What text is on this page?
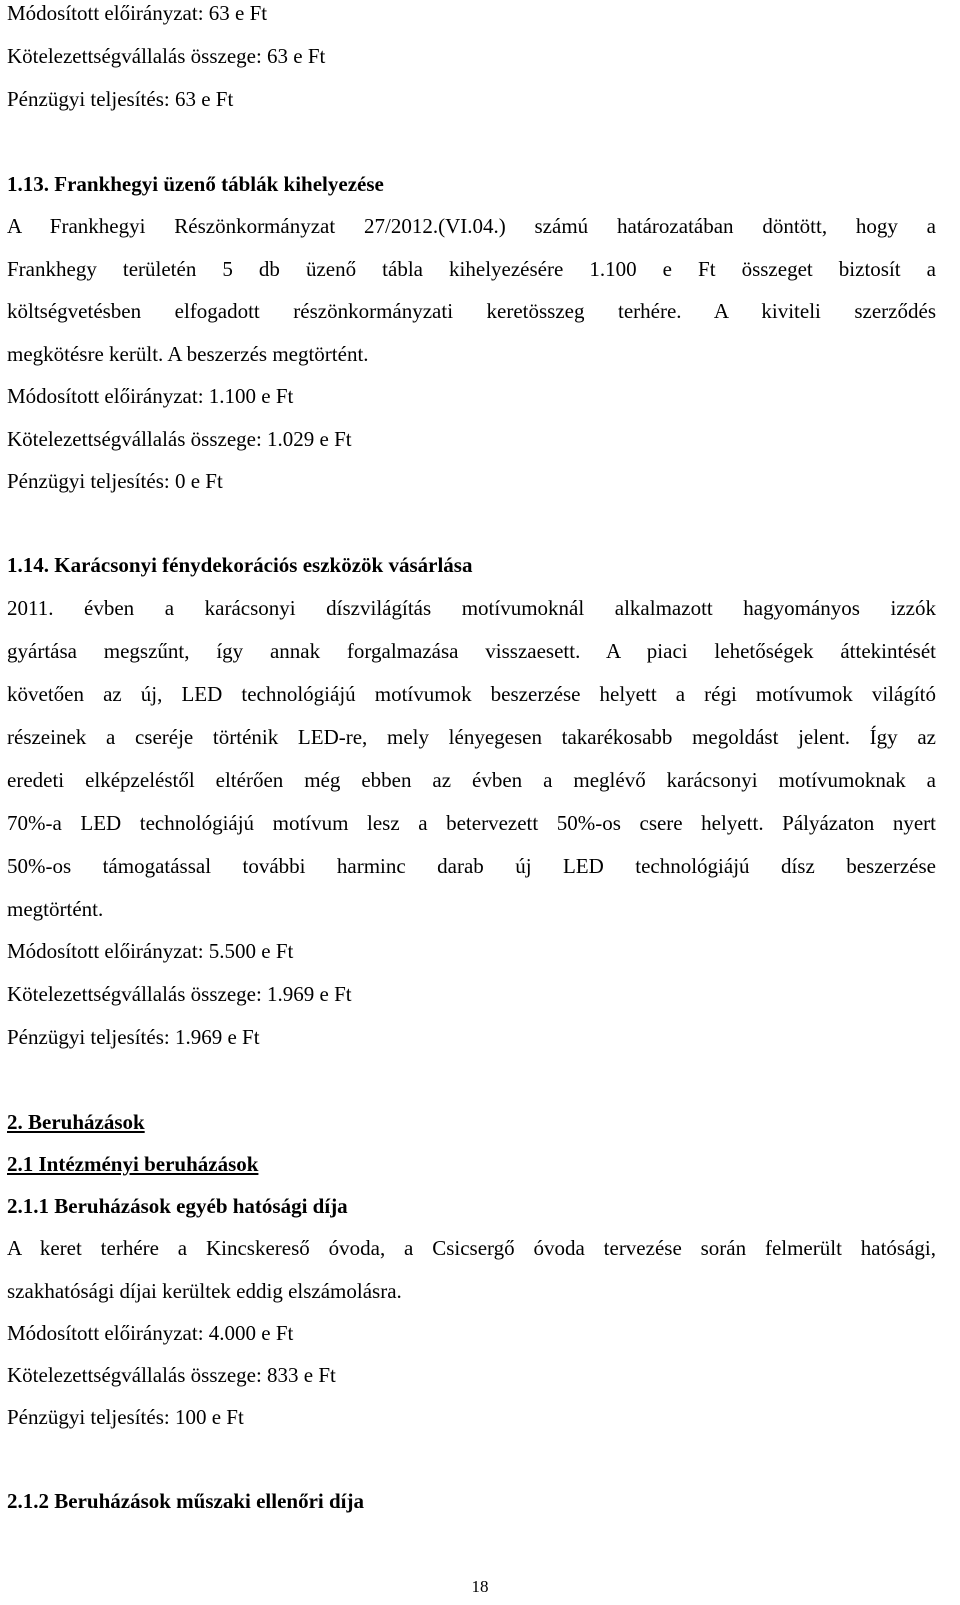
Módosított előirányzat: 63 e Ft
Kötelezettségvállalás összege: 63 e Ft
Pénzügyi teljesítés: 63 e Ft
1.13. Frankhegyi üzenő táblák kihelyezése
A Frankhegyi Részönkormányzat 27/2012.(VI.04.) számú határozatában döntött, hogy a
Frankhegy területén 5 db üzenő tábla kihelyezésére 1.100 e Ft összeget biztosít a
költségvetésben elfogadott részönkormányzati keretösszeg terhére. A kiviteli szerződés
megkötésre került. A beszerzés megtörtént.
Módosított előirányzat: 1.100 e Ft
Kötelezettségvállalás összege: 1.029 e Ft
Pénzügyi teljesítés: 0 e Ft
1.14. Karácsonyi fénydekorációs eszközök vásárlása
2011. évben a karácsonyi díszvilágítás motívumoknál alkalmazott hagyományos izzók
gyártása megszűnt, így annak forgalmazása visszaesett. A piaci lehetőségek áttekintését
követően az új, LED technológiájú motívumok beszerzése helyett a régi motívumok világító
részeinek a cseréje történik LED-re, mely lényegesen takarékosabb megoldást jelent. Így az
eredeti elképzeléstől eltérően még ebben az évben a meglévő karácsonyi motívumoknak a
70%-a LED technológiájú motívum lesz a betervezett 50%-os csere helyett. Pályázaton nyert
50%-os támogatással további harminc darab új LED technológiájú dísz beszerzése
megtörtént.
Módosított előirányzat: 5.500 e Ft
Kötelezettségvállalás összege: 1.969 e Ft
Pénzügyi teljesítés: 1.969 e Ft
2. Beruházások
2.1 Intézményi beruházások
2.1.1 Beruházások egyéb hatósági díja
A keret terhére a Kincskereső óvoda, a Csicsergő óvoda tervezése során felmerült hatósági,
szakhatósági díjai kerültek eddig elszámolásra.
Módosított előirányzat: 4.000 e Ft
Kötelezettségvállalás összege: 833 e Ft
Pénzügyi teljesítés: 100 e Ft
2.1.2 Beruházások műszaki ellenőri díja
18
